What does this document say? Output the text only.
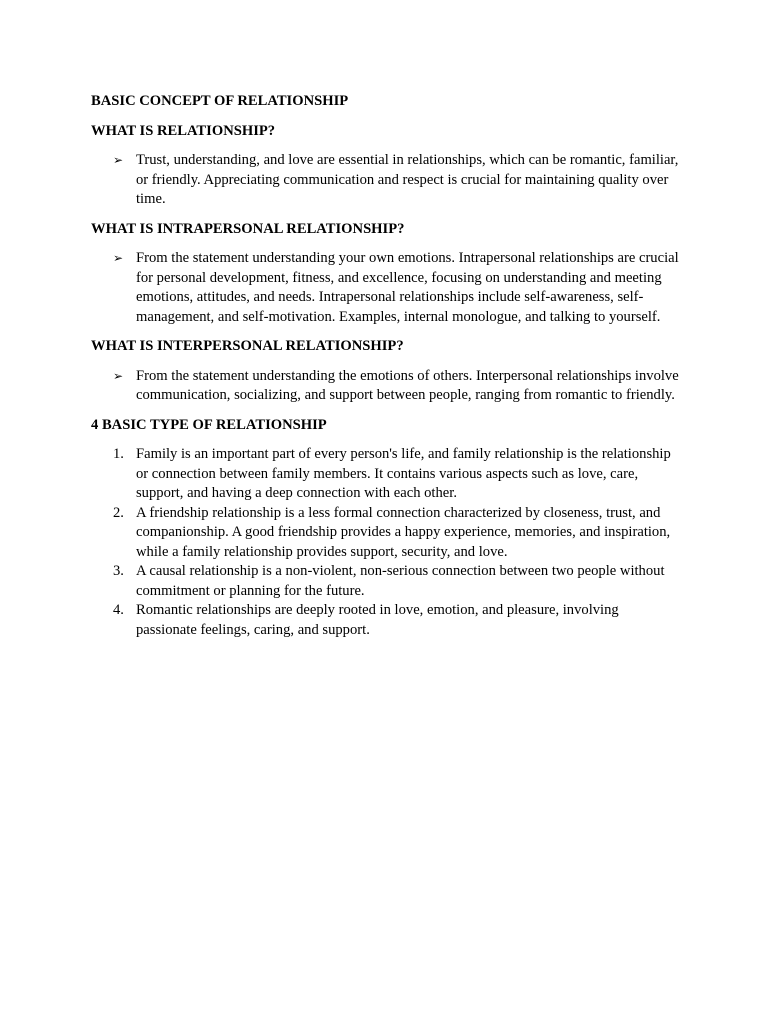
BASIC CONCEPT OF RELATIONSHIP

WHAT IS RELATIONSHIP?

➢ Trust, understanding, and love are essential in relationships, which can be romantic, familiar, or friendly. Appreciating communication and respect is crucial for maintaining quality over time.

WHAT IS INTRAPERSONAL RELATIONSHIP?

➢ From the statement understanding your own emotions. Intrapersonal relationships are crucial for personal development, fitness, and excellence, focusing on understanding and meeting emotions, attitudes, and needs. Intrapersonal relationships include self-awareness, self-management, and self-motivation. Examples, internal monologue, and talking to yourself.

WHAT IS INTERPERSONAL RELATIONSHIP?

➢ From the statement understanding the emotions of others. Interpersonal relationships involve communication, socializing, and support between people, ranging from romantic to friendly.

4 BASIC TYPE OF RELATIONSHIP

1. Family is an important part of every person's life, and family relationship is the relationship or connection between family members. It contains various aspects such as love, care, support, and having a deep connection with each other.
2. A friendship relationship is a less formal connection characterized by closeness, trust, and companionship. A good friendship provides a happy experience, memories, and inspiration, while a family relationship provides support, security, and love.
3. A causal relationship is a non-violent, non-serious connection between two people without commitment or planning for the future.
4. Romantic relationships are deeply rooted in love, emotion, and pleasure, involving passionate feelings, caring, and support.
